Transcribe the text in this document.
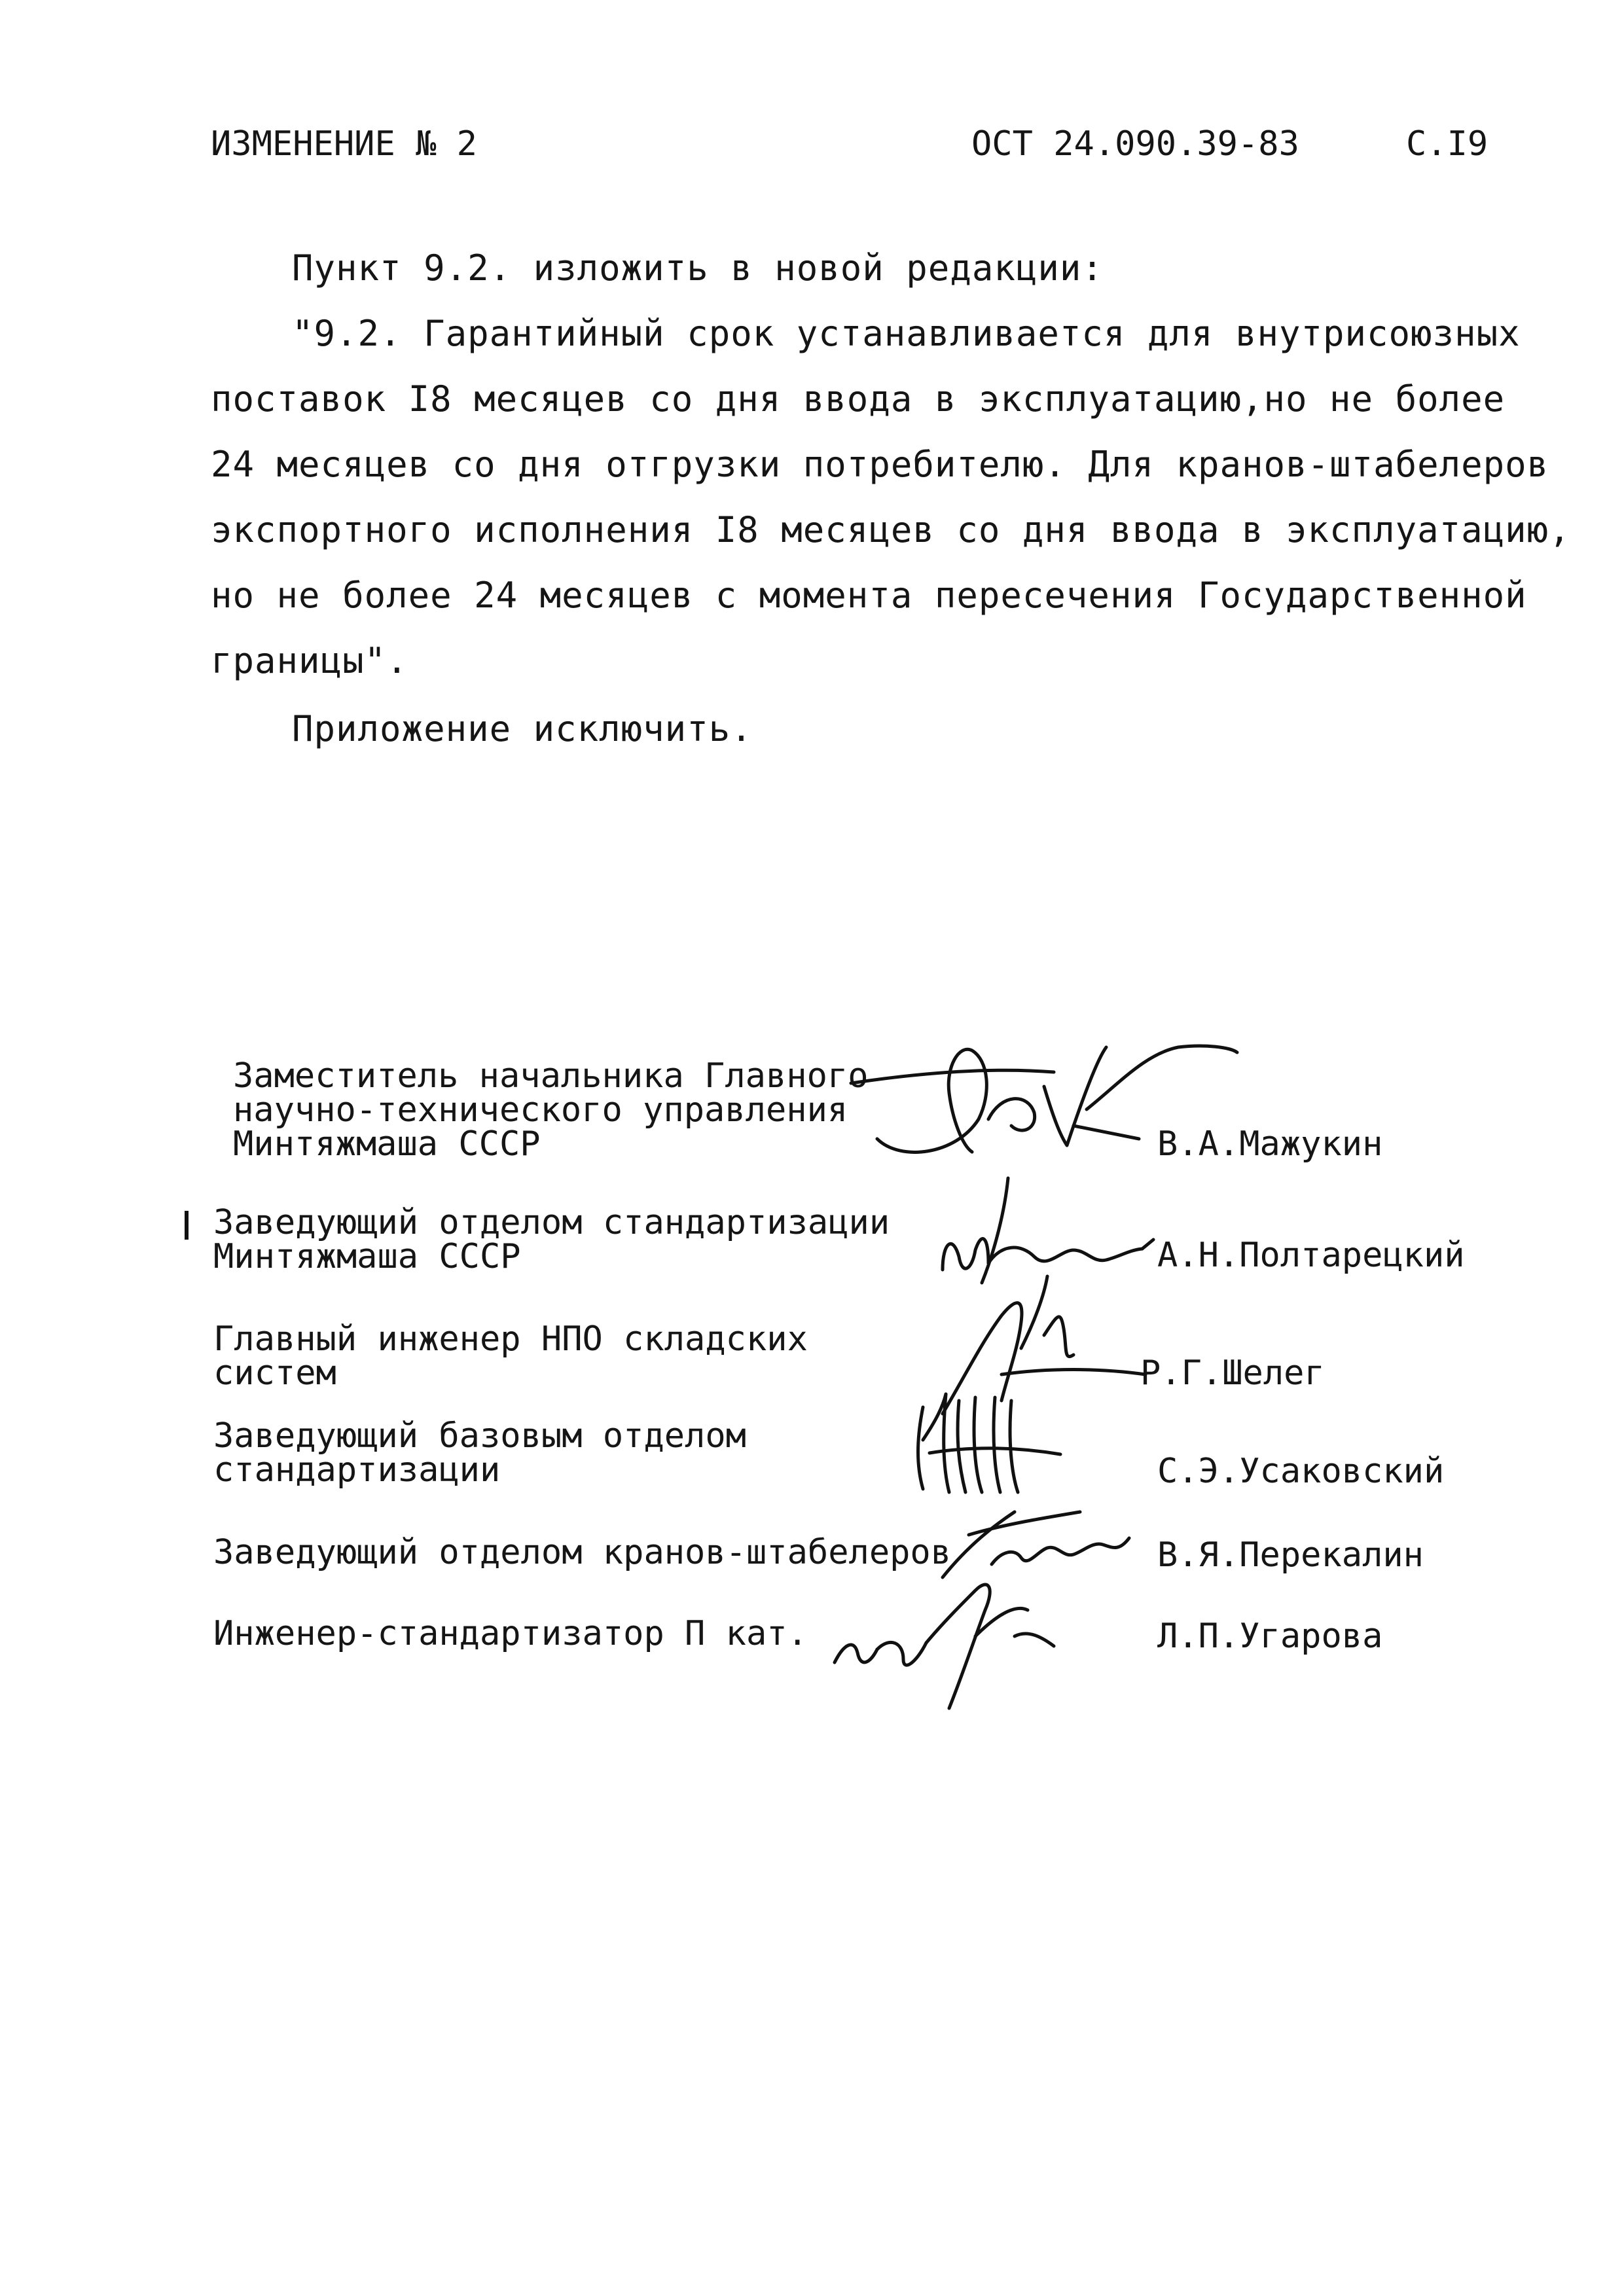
ИЗМЕНЕНИЕ № 2	ОСТ 24.090.39-83	С.I9
Пункт 9.2. изложить в новой редакции:
"9.2. Гарантийный срок устанавливается для внутрисоюзных
поставок I8 месяцев со дня ввода в эксплуатацию,но не более
24 месяцев со дня отгрузки потребителю. Для кранов-штабелеров
экспортного исполнения I8 месяцев со дня ввода в эксплуатацию,
но не более 24 месяцев с момента пересечения Государственной
границы".
Приложение исключить.
Заместитель начальника Главного
научно-технического управления
Минтяжмаша СССР	В.А.Мажукин
Заведующий отделом стандартизации
Минтяжмаша СССР	А.Н.Полтарецкий
Главный инженер НПО складских
систем	Р.Г.Шелег
Заведующий базовым отделом
стандартизации	С.Э.Усаковский
Заведующий отделом кранов-штабелеров	В.Я.Перекалин
Инженер-стандартизатор П кат.	Л.П.Угарова
